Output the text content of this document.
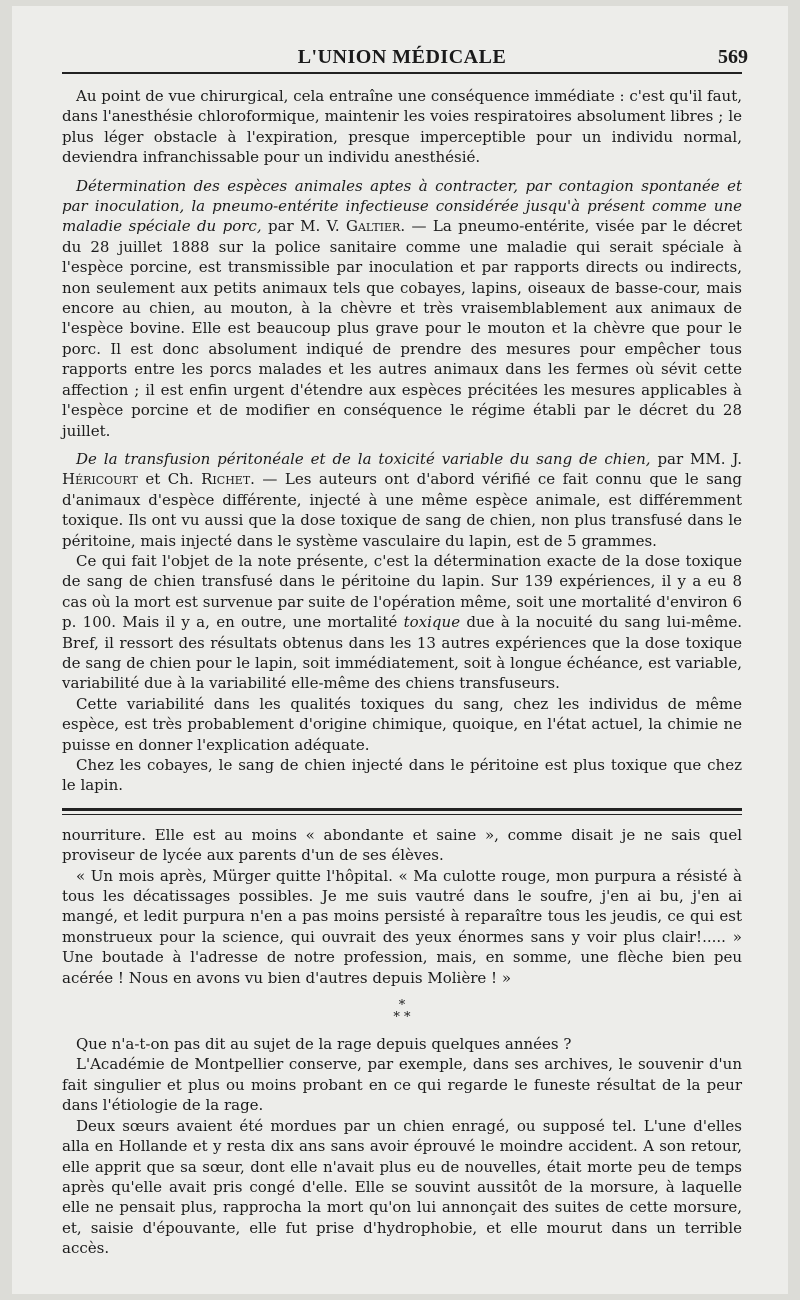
L'UNION MÉDICALE	569

Au point de vue chirurgical, cela entraîne une conséquence immédiate : c'est qu'il faut, dans l'anesthésie chloroformique, maintenir les voies respiratoires absolument libres ; le plus léger obstacle à l'expiration, presque imperceptible pour un individu normal, deviendra infranchissable pour un individu anesthésié.

Détermination des espèces animales aptes à contracter, par contagion spontanée et par inoculation, la pneumo-entérite infectieuse considérée jusqu'à présent comme une maladie spéciale du porc, par M. V. Galtier. — La pneumo-entérite, visée par le décret du 28 juillet 1888 sur la police sanitaire comme une maladie qui serait spéciale à l'espèce porcine, est transmissible par inoculation et par rapports directs ou indirects, non seulement aux petits animaux tels que cobayes, lapins, oiseaux de basse-cour, mais encore au chien, au mouton, à la chèvre et très vraisemblablement aux animaux de l'espèce bovine. Elle est beaucoup plus grave pour le mouton et la chèvre que pour le porc. Il est donc absolument indiqué de prendre des mesures pour empêcher tous rapports entre les porcs malades et les autres animaux dans les fermes où sévit cette affection ; il est enfin urgent d'étendre aux espèces précitées les mesures applicables à l'espèce porcine et de modifier en conséquence le régime établi par le décret du 28 juillet.

De la transfusion péritonéale et de la toxicité variable du sang de chien, par MM. J. Héricourt et Ch. Richet. — Les auteurs ont d'abord vérifié ce fait connu que le sang d'animaux d'espèce différente, injecté à une même espèce animale, est différemment toxique. Ils ont vu aussi que la dose toxique de sang de chien, non plus transfusé dans le péritoine, mais injecté dans le système vasculaire du lapin, est de 5 grammes.

Ce qui fait l'objet de la note présente, c'est la détermination exacte de la dose toxique de sang de chien transfusé dans le péritoine du lapin. Sur 139 expériences, il y a eu 8 cas où la mort est survenue par suite de l'opération même, soit une mortalité d'environ 6 p. 100. Mais il y a, en outre, une mortalité toxique due à la nocuité du sang lui-même. Bref, il ressort des résultats obtenus dans les 13 autres expériences que la dose toxique de sang de chien pour le lapin, soit immédiatement, soit à longue échéance, est variable, variabilité due à la variabilité elle-même des chiens transfuseurs.

Cette variabilité dans les qualités toxiques du sang, chez les individus de même espèce, est très probablement d'origine chimique, quoique, en l'état actuel, la chimie ne puisse en donner l'explication adéquate.

Chez les cobayes, le sang de chien injecté dans le péritoine est plus toxique que chez le lapin.

nourriture. Elle est au moins « abondante et saine », comme disait je ne sais quel proviseur de lycée aux parents d'un de ses élèves.

« Un mois après, Mürger quitte l'hôpital. « Ma culotte rouge, mon purpura a résisté à tous les décatissages possibles. Je me suis vautré dans le soufre, j'en ai bu, j'en ai mangé, et ledit purpura n'en a pas moins persisté à reparaître tous les jeudis, ce qui est monstrueux pour la science, qui ouvrait des yeux énormes sans y voir plus clair!..... » Une boutade à l'adresse de notre profession, mais, en somme, une flèche bien peu acérée ! Nous en avons vu bien d'autres depuis Molière ! »

*
* *

Que n'a-t-on pas dit au sujet de la rage depuis quelques années ?

L'Académie de Montpellier conserve, par exemple, dans ses archives, le souvenir d'un fait singulier et plus ou moins probant en ce qui regarde le funeste résultat de la peur dans l'étiologie de la rage.

Deux sœurs avaient été mordues par un chien enragé, ou supposé tel. L'une d'elles alla en Hollande et y resta dix ans sans avoir éprouvé le moindre accident. A son retour, elle apprit que sa sœur, dont elle n'avait plus eu de nouvelles, était morte peu de temps après qu'elle avait pris congé d'elle. Elle se souvint aussitôt de la morsure, à laquelle elle ne pensait plus, rapprocha la mort qu'on lui annonçait des suites de cette morsure, et, saisie d'épouvante, elle fut prise d'hydrophobie, et elle mourut dans un terrible accès.
